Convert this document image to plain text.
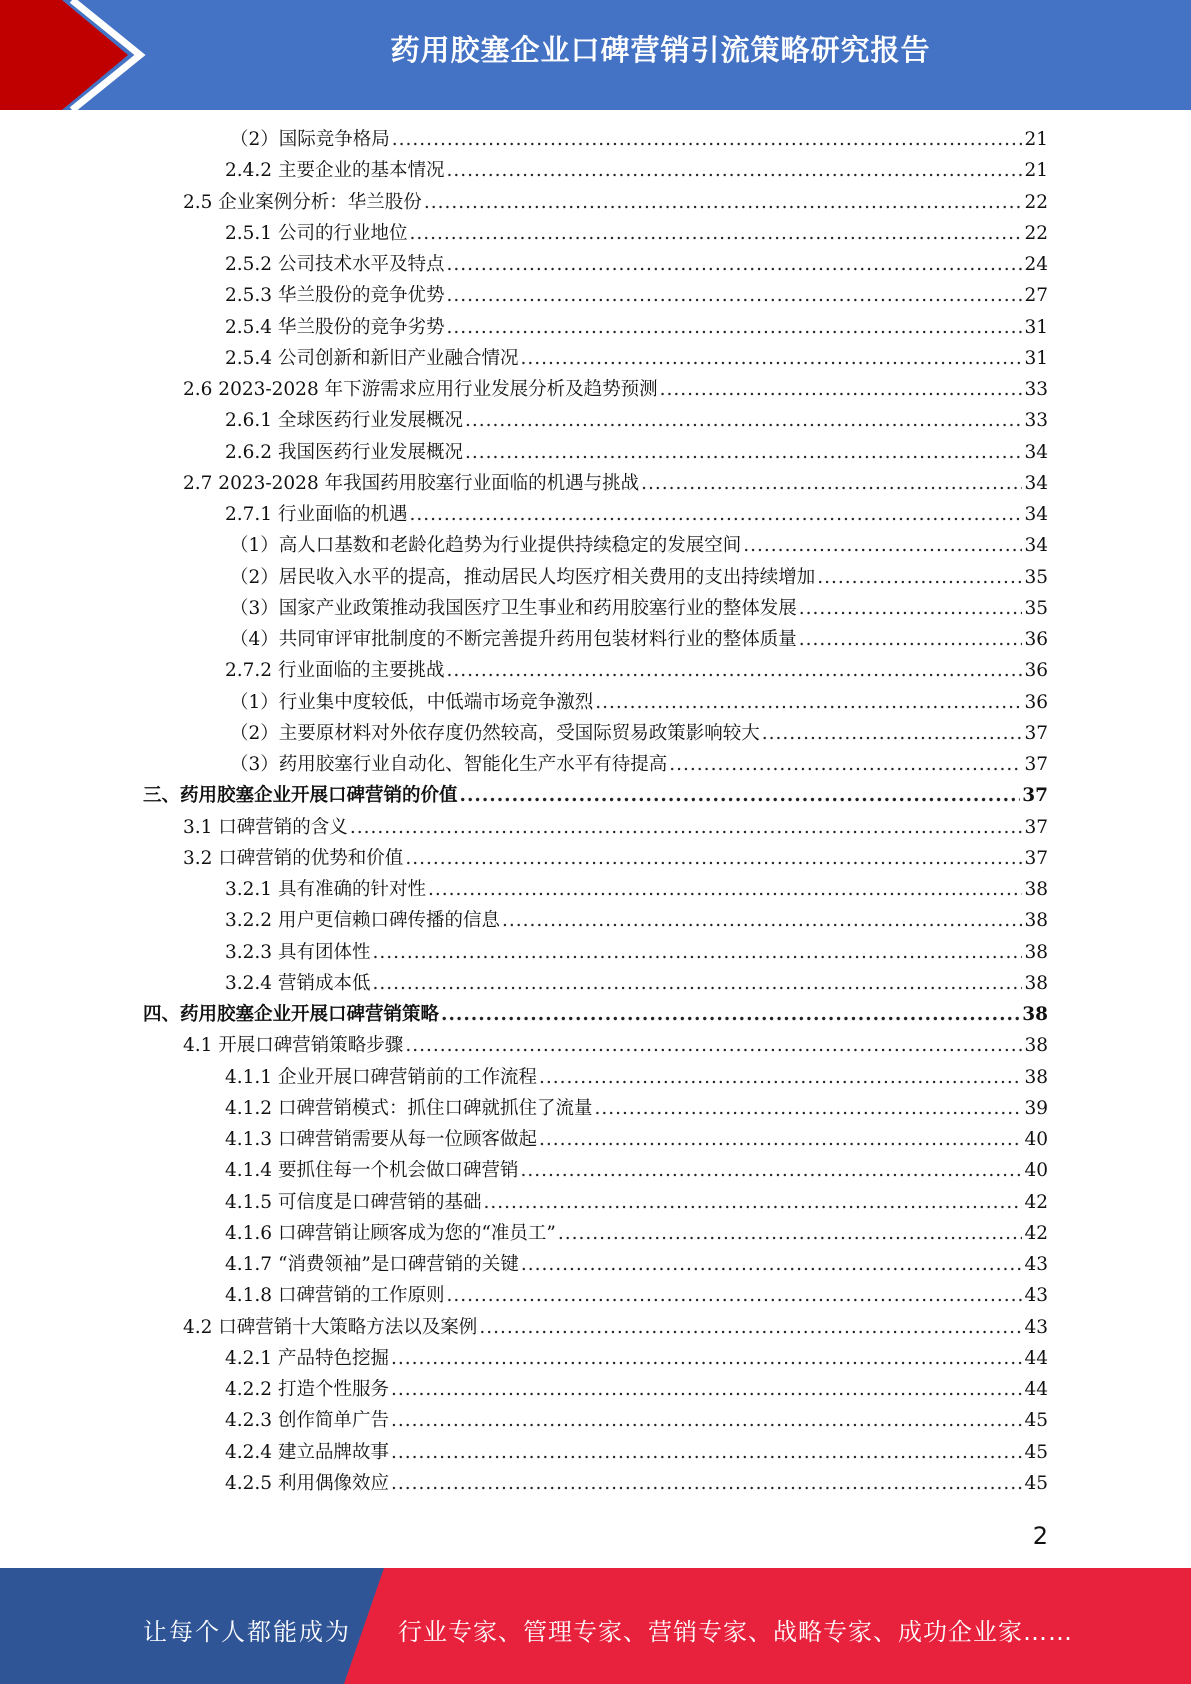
药用胶塞企业口碑营销引流策略研究报告
（2）国际竞争格局 .....	21
2.4.2 主要企业的基本情况 .....	21
2.5 企业案例分析：华兰股份 .....	22
2.5.1 公司的行业地位 .....	22
2.5.2 公司技术水平及特点 .....	24
2.5.3 华兰股份的竞争优势 .....	27
2.5.4 华兰股份的竞争劣势 .....	31
2.5.4 公司创新和新旧产业融合情况 .....	31
2.6 2023-2028 年下游需求应用行业发展分析及趋势预测 .....	33
2.6.1 全球医药行业发展概况 .....	33
2.6.2 我国医药行业发展概况 .....	34
2.7 2023-2028 年我国药用胶塞行业面临的机遇与挑战 .....	34
2.7.1 行业面临的机遇 .....	34
（1）高人口基数和老龄化趋势为行业提供持续稳定的发展空间 .....	34
（2）居民收入水平的提高，推动居民人均医疗相关费用的支出持续增加 .....	35
（3）国家产业政策推动我国医疗卫生事业和药用胶塞行业的整体发展 .....	35
（4）共同审评审批制度的不断完善提升药用包装材料行业的整体质量 .....	36
2.7.2 行业面临的主要挑战 .....	36
（1）行业集中度较低，中低端市场竞争激烈 .....	36
（2）主要原材料对外依存度仍然较高，受国际贸易政策影响较大 .....	37
（3）药用胶塞行业自动化、智能化生产水平有待提高 .....	37
三、药用胶塞企业开展口碑营销的价值 .....	37
3.1 口碑营销的含义 .....	37
3.2 口碑营销的优势和价值 .....	37
3.2.1 具有准确的针对性 .....	38
3.2.2 用户更信赖口碑传播的信息 .....	38
3.2.3 具有团体性 .....	38
3.2.4 营销成本低 .....	38
四、药用胶塞企业开展口碑营销策略 .....	38
4.1 开展口碑营销策略步骤 .....	38
4.1.1 企业开展口碑营销前的工作流程 .....	38
4.1.2 口碑营销模式：抓住口碑就抓住了流量 .....	39
4.1.3 口碑营销需要从每一位顾客做起 .....	40
4.1.4 要抓住每一个机会做口碑营销 .....	40
4.1.5 可信度是口碑营销的基础 .....	42
4.1.6 口碑营销让顾客成为您的“准员工” .....	42
4.1.7 “消费领袖”是口碑营销的关键 .....	43
4.1.8 口碑营销的工作原则 .....	43
4.2 口碑营销十大策略方法以及案例 .....	43
4.2.1 产品特色挖掘 .....	44
4.2.2 打造个性服务 .....	44
4.2.3 创作简单广告 .....	45
4.2.4 建立品牌故事 .....	45
4.2.5 利用偶像效应 .....	45
2
让每个人都能成为 行业专家、管理专家、营销专家、战略专家、成功企业家……
